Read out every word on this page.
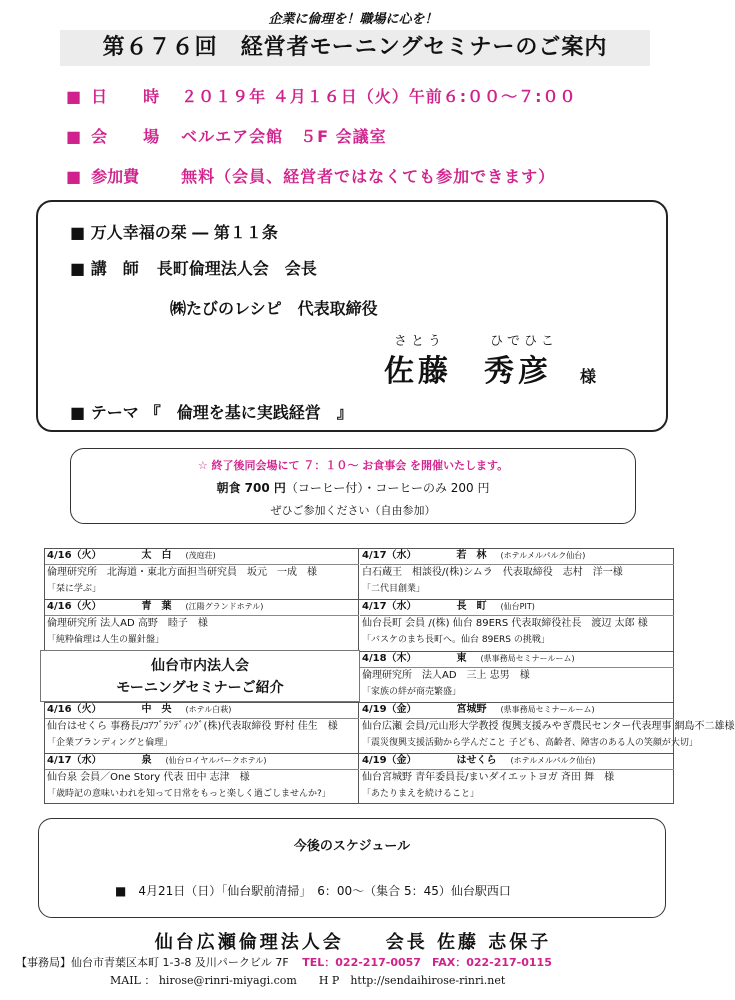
企業に倫理を！職場に心を！
第６７６回　経営者モーニングセミナーのご案内
■ 日　時 ２０１９年 ４月１６日（火）午前６:００～７:００
■ 会　場 ベルエア会館　５F 会議室
■ 参加費	無料（会員、経営者ではなくても参加できます）
■ 万人幸福の栞 ― 第１１条
■ 講　師 長町倫理法人会　会長
㈱たびのレシピ　代表取締役
さとう	ひでひこ
佐藤 秀彦 様
■ テーマ 『　倫理を基に実践経営　』
☆ 終了後同会場にて ７：１０～ お食事会 を開催いたします。
朝食 700 円（コーヒー付）・コーヒーのみ 200 円
ぜひご参加ください（自由参加）
4/16（火）	太　白 (茂庭荘)
倫理研究所　北海道・東北方面担当研究員　坂元　一成　様
「栞に学ぶ」
4/16（火）	青　葉 (江陽グランドホテル)
倫理研究所 法人AD 高野　睦子　様
「純粋倫理は人生の羅針盤」
4/16（火）	中　央 (ホテル白萩)
仙台はせくら 事務長/ｺｱﾌﾞﾗﾝﾃﾞｨﾝｸﾞ(株)代表取締役 野村 佳生　様
「企業ブランディングと倫理」
4/17（水）	泉 (仙台ロイヤルパークホテル)
仙台泉 会員／One Story 代表 田中 志津　様
「歳時記の意味いわれを知って日常をもっと楽しく過ごしませんか?」
4/17（水）	若　林 (ホテルメルパルク仙台)
白石蔵王　相談役/(株)シムラ　代表取締役　志村　洋一様
「二代目創業」
4/17（水）	長　町 (仙台PIT)
仙台長町 会員 /(株) 仙台 89ERS 代表取締役社長　渡辺 太郎 様
「バスケのまち長町へ。仙台 89ERS の挑戦」
4/18（木）	東 (県事務局セミナールーム)
倫理研究所　法人AD　三上 忠男　様
「家族の絆が商売繁盛」
4/19（金）	宮城野 (県事務局セミナールーム)
仙台広瀬 会員/元山形大学教授 復興支援みやぎ農民センター代表理事 網島不二雄様
「震災復興支援活動から学んだこと 子ども、高齢者、障害のある人の笑顔が大切」
4/19（金）	はせくら (ホテルメルパルク仙台)
仙台宮城野 青年委員長/まいダイエットヨガ 斉田 舞　様
「あたりまえを続けること」
仙台市内法人会
モーニングセミナーご紹介
今後のスケジュール
■　4月21日（日）「仙台駅前清掃」　6：00～（集合 5：45）仙台駅西口
仙台広瀬倫理法人会　　会長 佐藤 志保子
【事務局】仙台市青葉区本町 1-3-8 及川パークビル 7F TEL：022-217-0057　FAX：022-217-0115
MAIL ： hirose@rinri-miyagi.com　　H P　http://sendaihirose-rinri.net
